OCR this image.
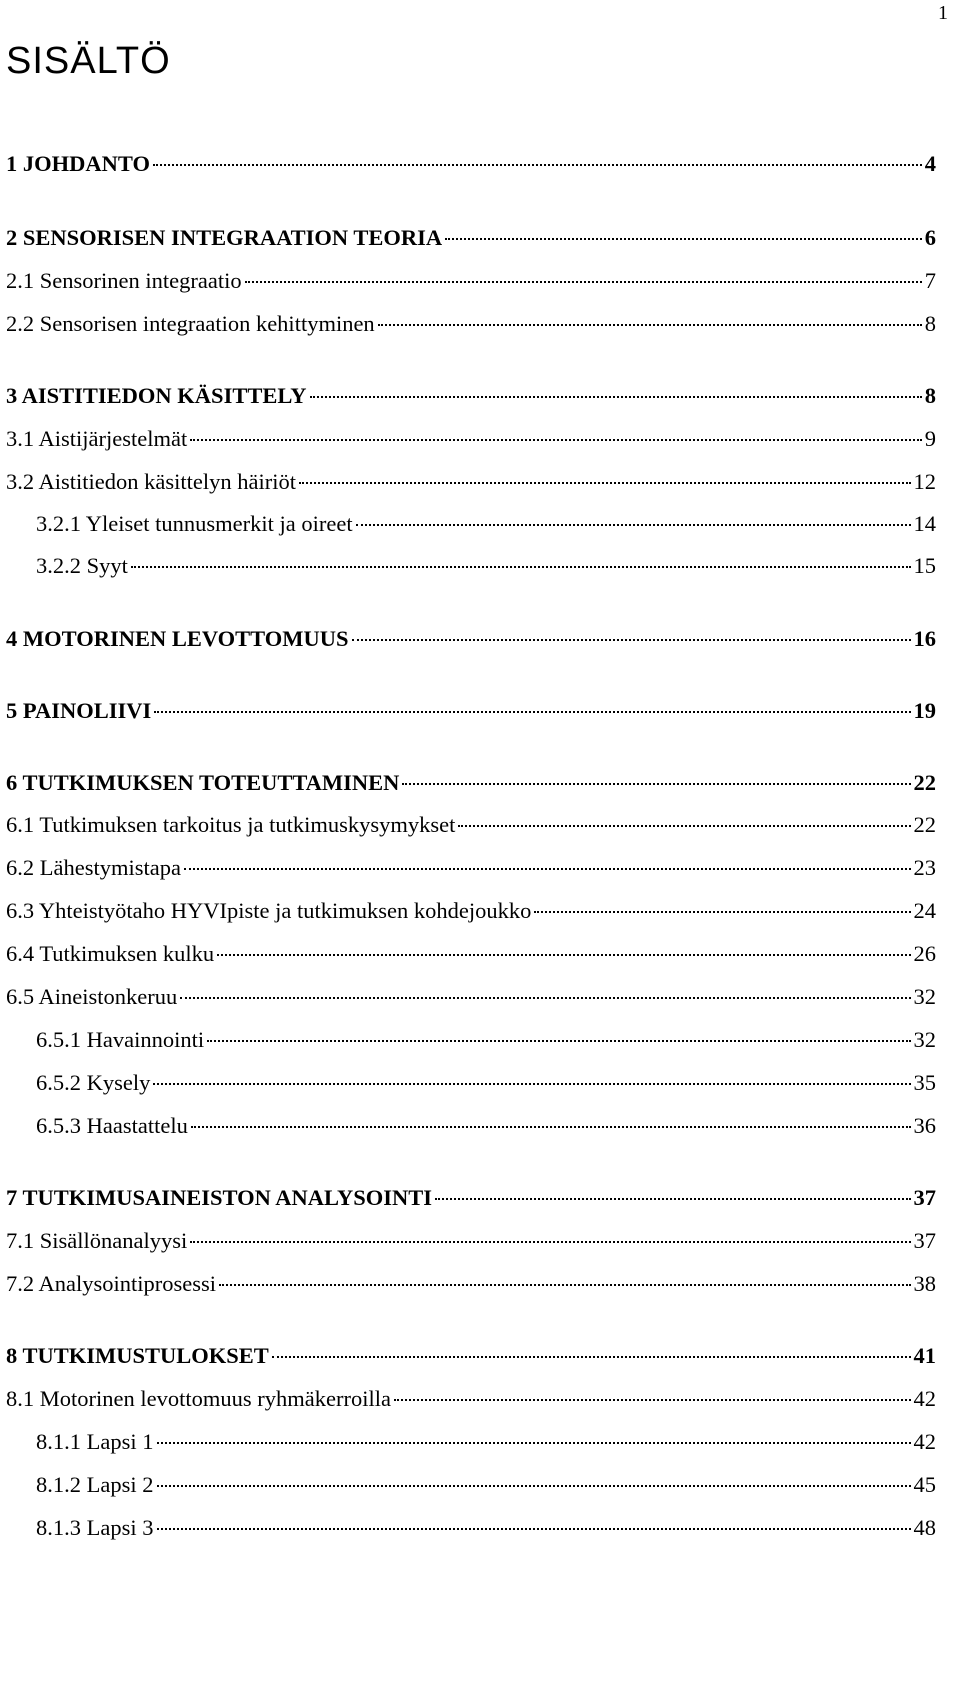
1
SISÄLTÖ
1 JOHDANTO	4
2 SENSORISEN INTEGRAATION TEORIA	6
2.1 Sensorinen integraatio	7
2.2 Sensorisen integraation kehittyminen	8
3 AISTITIEDON KÄSITTELY	8
3.1 Aistijärjestelmät	9
3.2 Aistitiedon käsittelyn häiriöt	12
3.2.1 Yleiset tunnusmerkit ja oireet	14
3.2.2 Syyt	15
4 MOTORINEN LEVOTTOMUUS	16
5 PAINOLIIVI	19
6 TUTKIMUKSEN TOTEUTTAMINEN	22
6.1 Tutkimuksen tarkoitus ja tutkimuskysymykset	22
6.2 Lähestymistapa	23
6.3 Yhteistyötaho HYVIpiste ja tutkimuksen kohdejoukko	24
6.4 Tutkimuksen kulku	26
6.5 Aineistonkeruu	32
6.5.1 Havainnointi	32
6.5.2 Kysely	35
6.5.3 Haastattelu	36
7 TUTKIMUSAINEISTON ANALYSOINTI	37
7.1 Sisällönanalyysi	37
7.2 Analysointiprosessi	38
8 TUTKIMUSTULOKSET	41
8.1 Motorinen levottomuus ryhmäkerroilla	42
8.1.1 Lapsi 1	42
8.1.2 Lapsi 2	45
8.1.3 Lapsi 3	48
